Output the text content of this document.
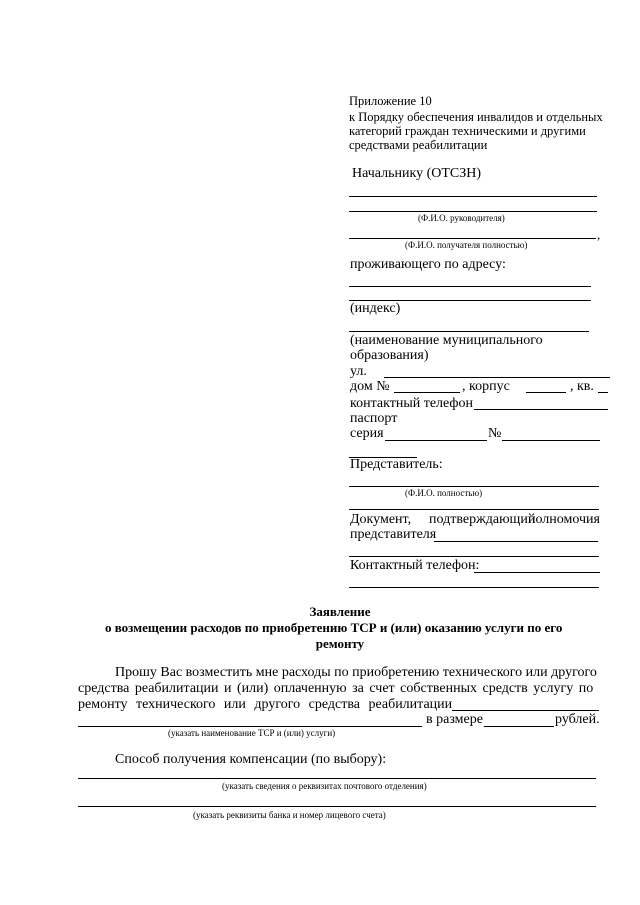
Приложение 10
к Порядку обеспечения инвалидов и отдельных
категорий граждан техническими и другими
средствами реабилитации
Начальнику (ОТСЗН)
(Ф.И.О. руководителя)
,
(Ф.И.О. получателя полностью)
проживающего по адресу:
(индекс)
(наименование муниципального
образования)
ул.
дом №	, корпус	, кв.
контактный телефон
паспорт
серия	№
Представитель:
(Ф.И.О. полностью)
Документ, подтверждающий
полномочия
представителя
Контактный телефон:
Заявление
о возмещении расходов по приобретению ТСР и (или) оказанию услуги по его
ремонту
Прошу Вас возместить мне расходы по приобретению технического или другого
средства реабилитации и (или) оплаченную за счет собственных средств услугу по
ремонту технического или другого средства реабилитации
в размере	рублей.
(указать наименование ТСР и (или) услуги)
Способ получения компенсации (по выбору):
(указать сведения о реквизитах почтового отделения)
(указать реквизиты банка и номер лицевого счета)
